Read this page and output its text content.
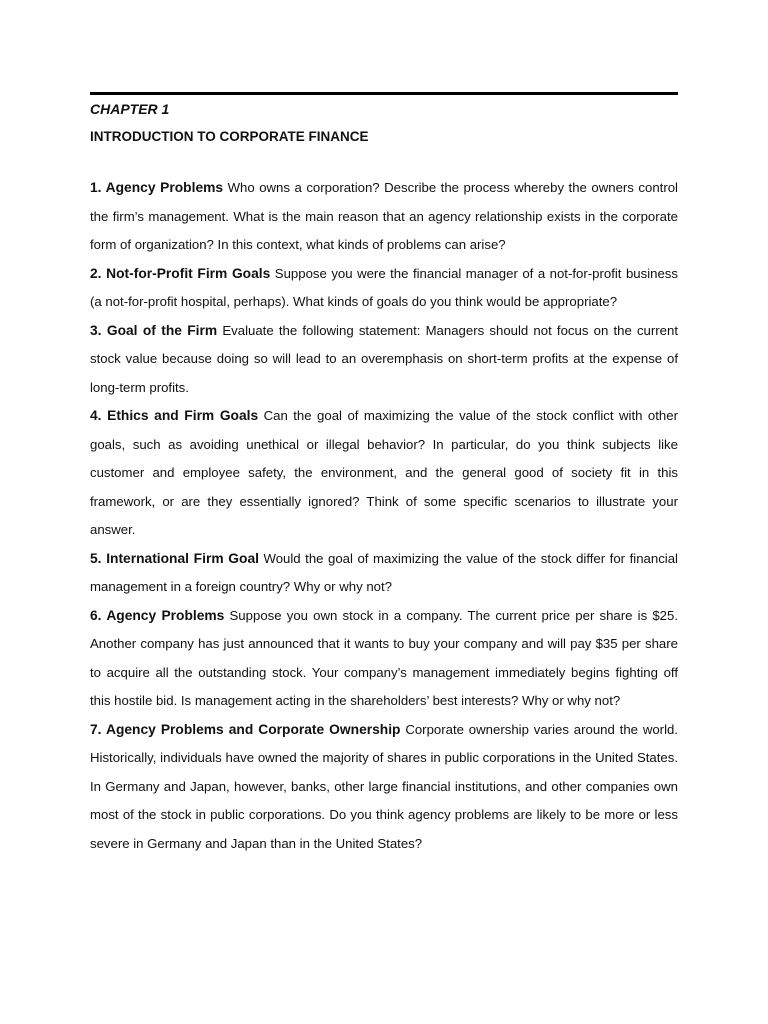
CHAPTER 1
INTRODUCTION TO CORPORATE FINANCE

1. Agency Problems Who owns a corporation? Describe the process whereby the owners control the firm’s management. What is the main reason that an agency relationship exists in the corporate form of organization? In this context, what kinds of problems can arise?

2. Not-for-Profit Firm Goals Suppose you were the financial manager of a not-for-profit business (a not-for-profit hospital, perhaps). What kinds of goals do you think would be appropriate?

3. Goal of the Firm Evaluate the following statement: Managers should not focus on the current stock value because doing so will lead to an overemphasis on short-term profits at the expense of long-term profits.

4. Ethics and Firm Goals Can the goal of maximizing the value of the stock conflict with other goals, such as avoiding unethical or illegal behavior? In particular, do you think subjects like customer and employee safety, the environment, and the general good of society fit in this framework, or are they essentially ignored? Think of some specific scenarios to illustrate your answer.

5. International Firm Goal Would the goal of maximizing the value of the stock differ for financial management in a foreign country? Why or why not?

6. Agency Problems Suppose you own stock in a company. The current price per share is $25. Another company has just announced that it wants to buy your company and will pay $35 per share to acquire all the outstanding stock. Your company’s management immediately begins fighting off this hostile bid. Is management acting in the shareholders’ best interests? Why or why not?

7. Agency Problems and Corporate Ownership Corporate ownership varies around the world. Historically, individuals have owned the majority of shares in public corporations in the United States. In Germany and Japan, however, banks, other large financial institutions, and other companies own most of the stock in public corporations. Do you think agency problems are likely to be more or less severe in Germany and Japan than in the United States?
